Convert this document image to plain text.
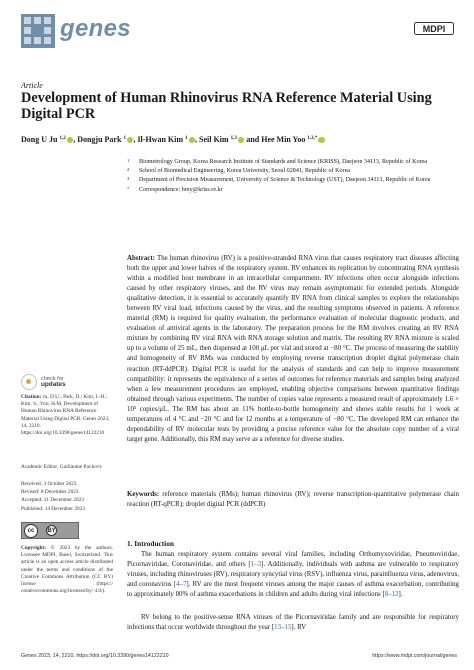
genes	MDPI
Article
Development of Human Rhinovirus RNA Reference Material Using Digital PCR
Dong U Ju $^{1,2}$ , Dongju Park $^1$ , Il-Hwan Kim $^1$ , Seil Kim $^{1,3}$ and Hee Min Yoo $^{1,3,*}$
1 Biometrology Group, Korea Research Institute of Standards and Science (KRISS), Daejeon 34113, Republic of Korea
2 School of Biomedical Engineering, Korea University, Seoul 02841, Republic of Korea
3 Department of Precision Measurement, University of Science & Technology (UST), Daejeon 34113, Republic of Korea
* Correspondence: hmy@kriss.re.kr
Abstract: The human rhinovirus (RV) is a positive-stranded RNA virus that causes respiratory tract diseases affecting both the upper and lower halves of the respiratory system. RV enhances its replication by concentrating RNA synthesis within a modified host membrane in an intracellular compartment. RV infections often occur alongside infections caused by other respiratory viruses, and the RV virus may remain asymptomatic for extended periods. Alongside qualitative detection, it is essential to accurately quantify RV RNA from clinical samples to explore the relationships between RV viral load, infections caused by the virus, and the resulting symptoms observed in patients. A reference material (RM) is required for quality evaluation, the performance evaluation of molecular diagnostic products, and evaluation of antiviral agents in the laboratory. The preparation process for the RM involves creating an RV RNA mixture by combining RV viral RNA with RNA storage solution and matrix. The resulting RV RNA mixture is scaled up to a volume of 25 mL, then dispensed at 100 μL per vial and stored at −80 °C. The process of measuring the stability and homogeneity of RV RMs was conducted by employing reverse transcription droplet digital polymerase chain reaction (RT-ddPCR). Digital PCR is useful for the analysis of standards and can help to improve measurement compatibility: it represents the equivalence of a series of outcomes for reference materials and samples being analyzed when a few measurement procedures are employed, enabling objective comparisons between quantitative findings obtained through various experiments. The number of copies value represents a measured result of approximately 1.6 × 10⁵ copies/μL. The RM has about an 11% bottle-to-bottle homogeneity and shows stable results for 1 week at temperatures of 4 °C and −20 °C and for 12 months at a temperature of −80 °C. The developed RM can enhance the dependability of RV molecular tests by providing a precise reference value for the absolute copy number of a viral target gene. Additionally, this RM may serve as a reference for diverse studies.
Keywords: reference materials (RMs); human rhinovirus (RV); reverse transcription-quantitative polymerase chain reaction (RT-qPCR); droplet digital PCR (ddPCR)
1. Introduction
The human respiratory system contains several viral families, including Orthomyxoviridae, Pneumoviridae, Picornaviridae, Coronaviridae, and others [1–3]. Additionally, individuals with asthma are vulnerable to respiratory viruses, including rhinoviruses (RV), respiratory syncytial virus (RSV), influenza virus, parainfluenza virus, adenovirus, and coronavirus [4–7]. RV are the most frequent viruses among the major causes of asthma exacerbation, contributing to approximately 80% of asthma exacerbations in children and adults during viral infections [8–12].
RV belong to the positive-sense RNA viruses of the Picornaviridae family and are responsible for respiratory infections that occur worldwide throughout the year [13–15]. RV
check for
updates
Citation: Ju, D.U.; Park, D.; Kim, I.-H.; Kim, S.; Yoo, H.M. Development of Human Rhinovirus RNA Reference Material Using Digital PCR. Genes 2023, 14, 2210. https://doi.org/10.3390/genes14122210
Academic Editor: Guillaume Pavlovic
Received: 3 October 2023
Revised: 8 December 2023
Accepted: 11 December 2023
Published: 14 December 2023
cc	BY
Copyright: © 2023 by the authors. Licensee MDPI, Basel, Switzerland. This article is an open access article distributed under the terms and conditions of the Creative Commons Attribution (CC BY) license (https:// creativecommons.org/licenses/by/ 4.0/).
Genes 2023, 14, 2210. https://doi.org/10.3390/genes14122210	https://www.mdpi.com/journal/genes
